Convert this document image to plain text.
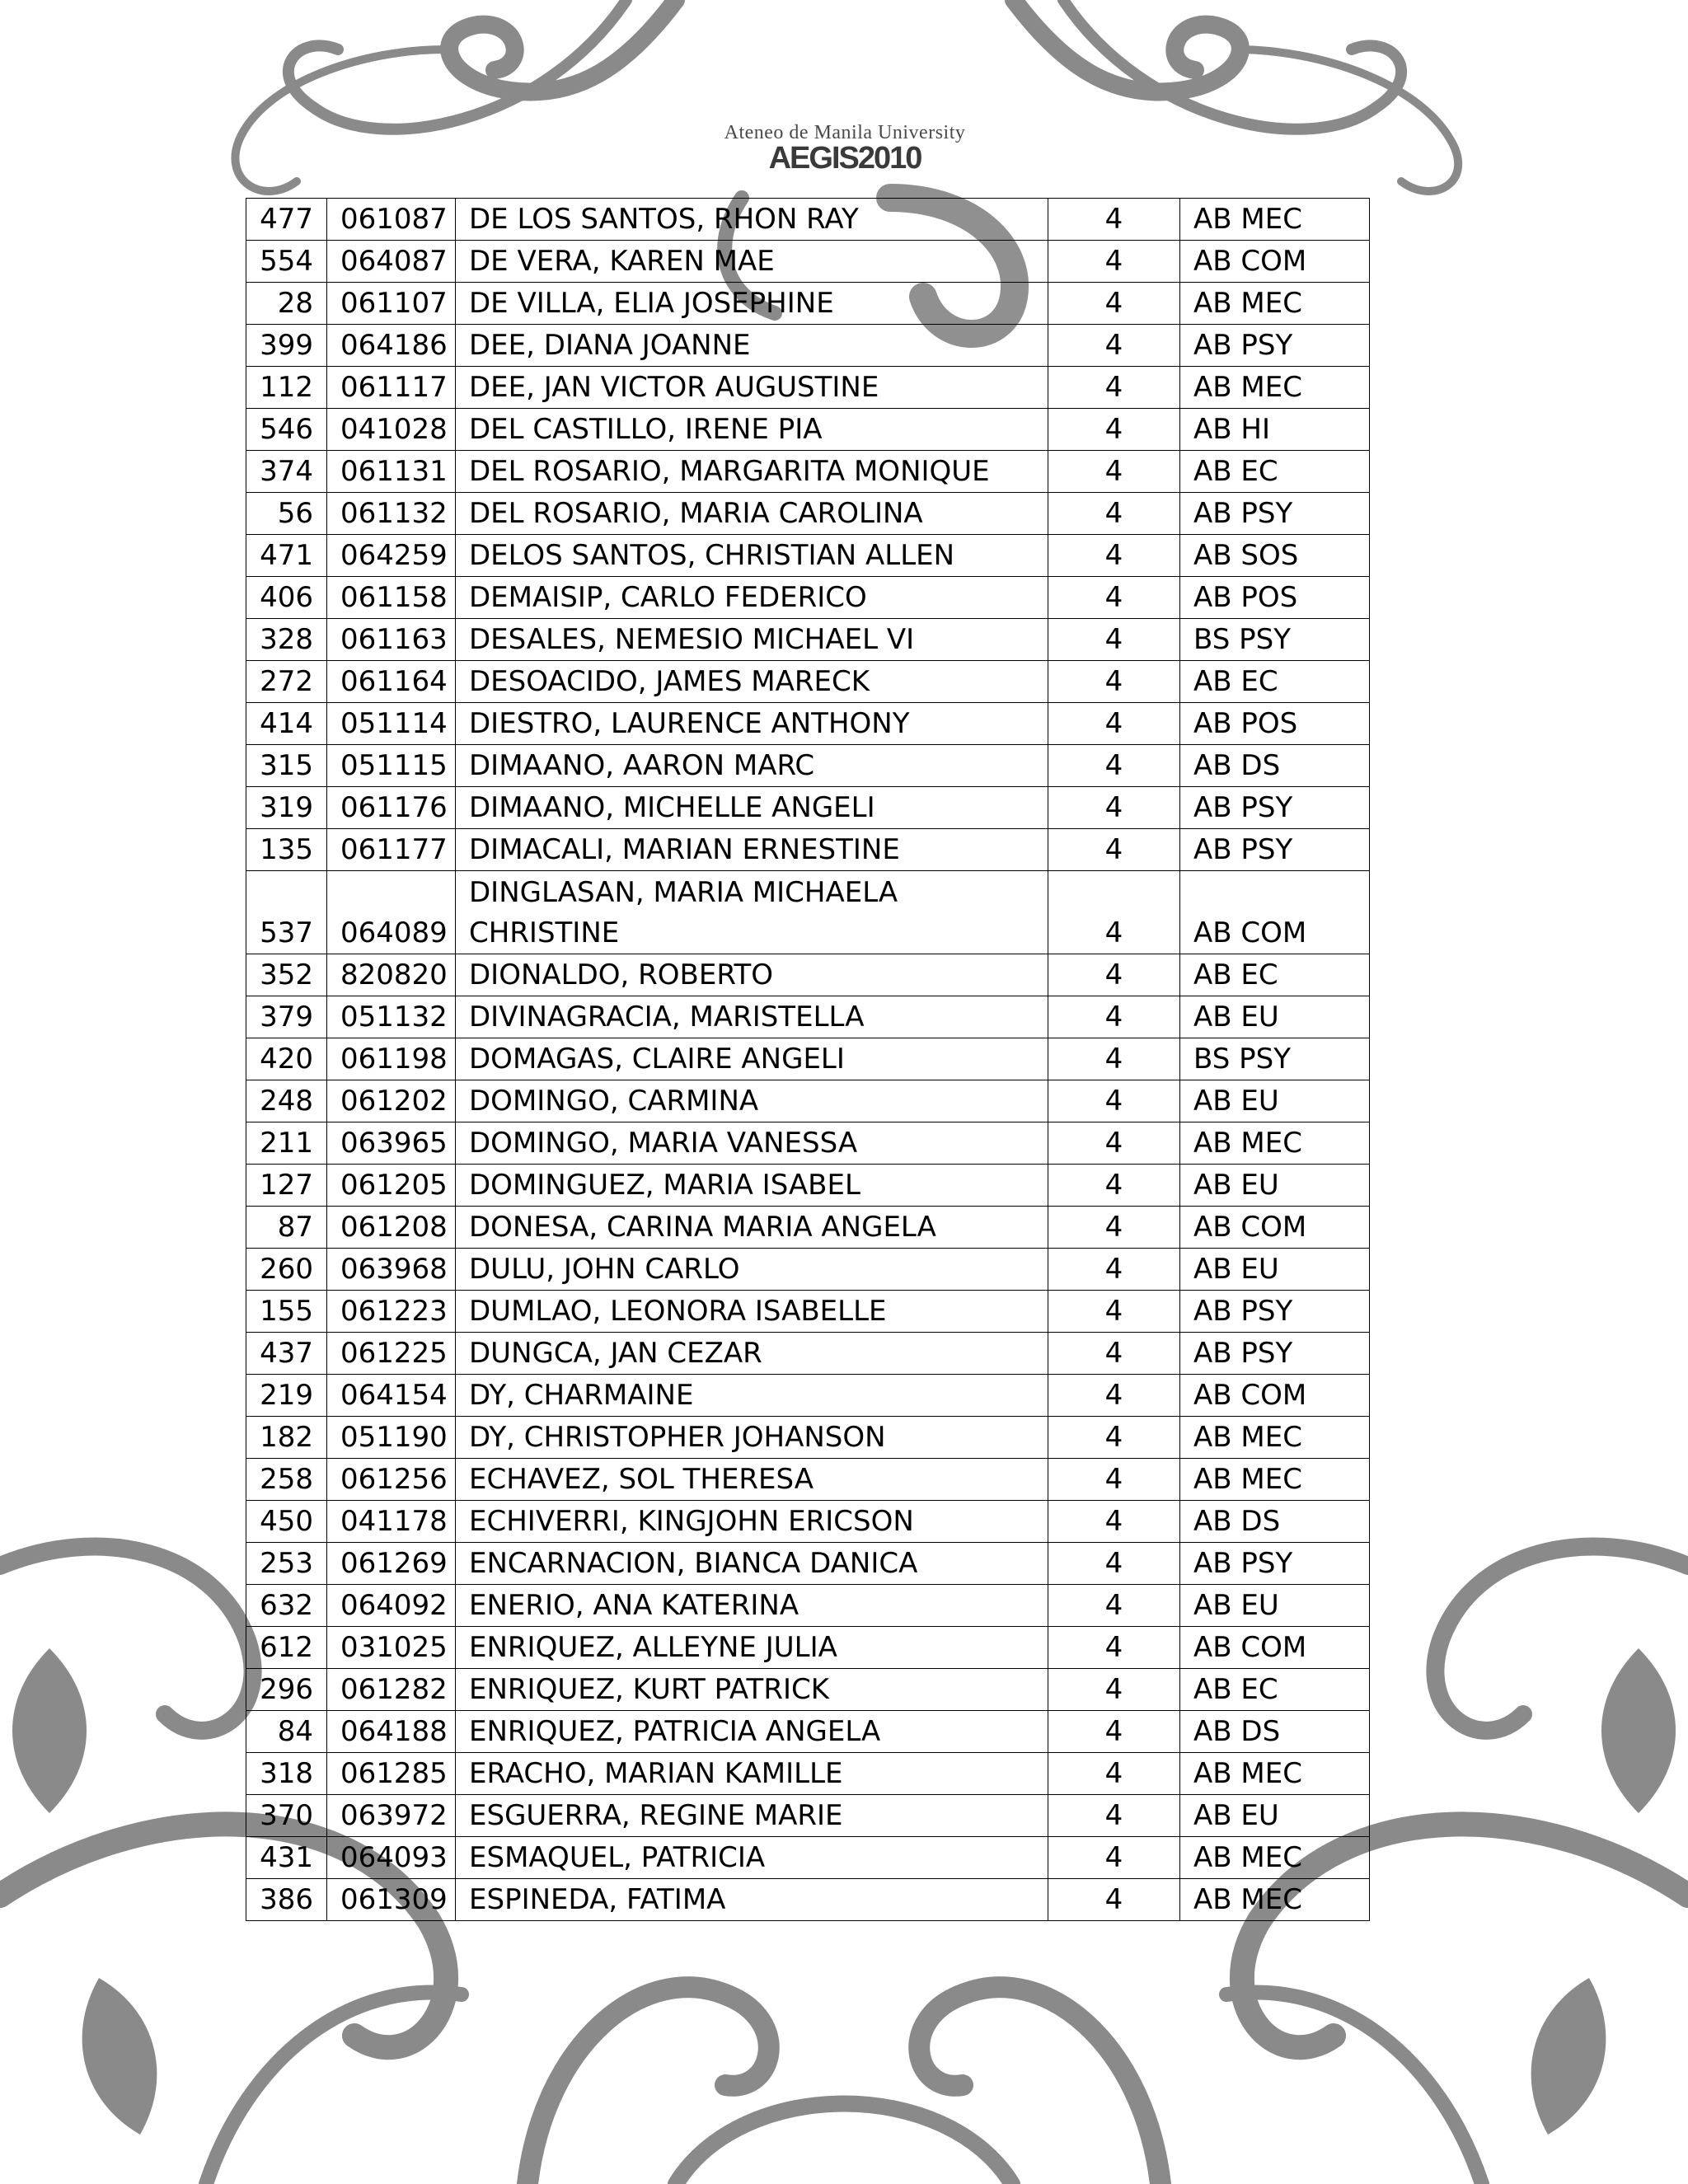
Ateneo de Manila University
AEGIS2010
477	061087	DE LOS SANTOS, RHON RAY	4	AB MEC
554	064087	DE VERA, KAREN MAE	4	AB COM
28	061107	DE VILLA, ELIA JOSEPHINE	4	AB MEC
399	064186	DEE, DIANA JOANNE	4	AB PSY
112	061117	DEE, JAN VICTOR AUGUSTINE	4	AB MEC
546	041028	DEL CASTILLO, IRENE PIA	4	AB HI
374	061131	DEL ROSARIO, MARGARITA MONIQUE	4	AB EC
56	061132	DEL ROSARIO, MARIA CAROLINA	4	AB PSY
471	064259	DELOS SANTOS, CHRISTIAN ALLEN	4	AB SOS
406	061158	DEMAISIP, CARLO FEDERICO	4	AB POS
328	061163	DESALES, NEMESIO MICHAEL VI	4	BS PSY
272	061164	DESOACIDO, JAMES MARECK	4	AB EC
414	051114	DIESTRO, LAURENCE ANTHONY	4	AB POS
315	051115	DIMAANO, AARON MARC	4	AB DS
319	061176	DIMAANO, MICHELLE ANGELI	4	AB PSY
135	061177	DIMACALI, MARIAN ERNESTINE	4	AB PSY
537	064089	DINGLASAN, MARIA MICHAELA CHRISTINE	4	AB COM
352	820820	DIONALDO, ROBERTO	4	AB EC
379	051132	DIVINAGRACIA, MARISTELLA	4	AB EU
420	061198	DOMAGAS, CLAIRE ANGELI	4	BS PSY
248	061202	DOMINGO, CARMINA	4	AB EU
211	063965	DOMINGO, MARIA VANESSA	4	AB MEC
127	061205	DOMINGUEZ, MARIA ISABEL	4	AB EU
87	061208	DONESA, CARINA MARIA ANGELA	4	AB COM
260	063968	DULU, JOHN CARLO	4	AB EU
155	061223	DUMLAO, LEONORA ISABELLE	4	AB PSY
437	061225	DUNGCA, JAN CEZAR	4	AB PSY
219	064154	DY, CHARMAINE	4	AB COM
182	051190	DY, CHRISTOPHER JOHANSON	4	AB MEC
258	061256	ECHAVEZ, SOL THERESA	4	AB MEC
450	041178	ECHIVERRI, KINGJOHN ERICSON	4	AB DS
253	061269	ENCARNACION, BIANCA DANICA	4	AB PSY
632	064092	ENERIO, ANA KATERINA	4	AB EU
612	031025	ENRIQUEZ, ALLEYNE JULIA	4	AB COM
296	061282	ENRIQUEZ, KURT PATRICK	4	AB EC
84	064188	ENRIQUEZ, PATRICIA ANGELA	4	AB DS
318	061285	ERACHO, MARIAN KAMILLE	4	AB MEC
370	063972	ESGUERRA, REGINE MARIE	4	AB EU
431	064093	ESMAQUEL, PATRICIA	4	AB MEC
386	061309	ESPINEDA, FATIMA	4	AB MEC
